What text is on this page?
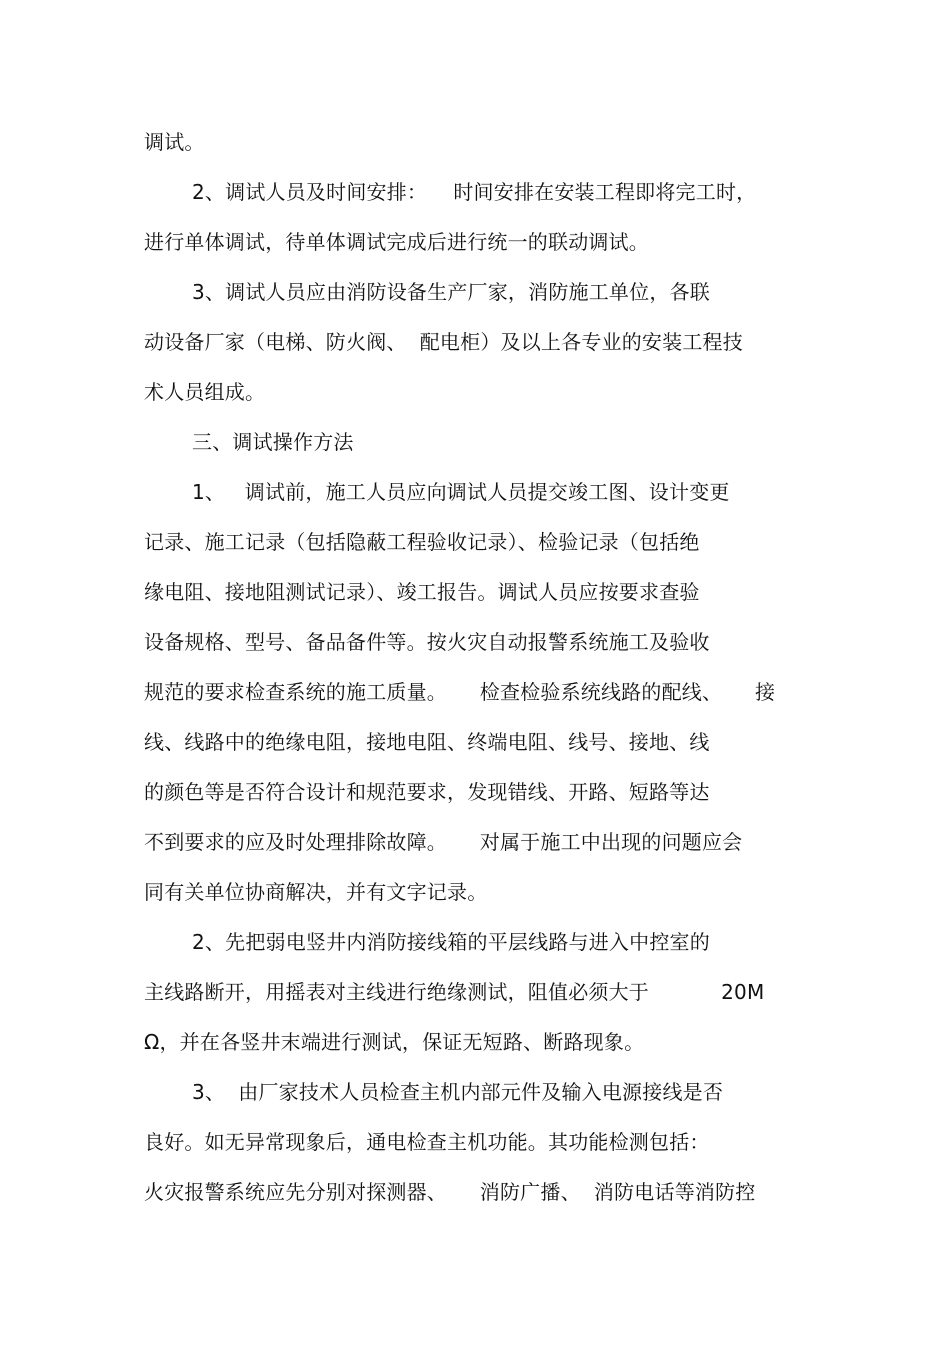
调试。
2、调试人员及时间安排：    时间安排在安装工程即将完工时，
进行单体调试，待单体调试完成后进行统一的联动调试。
3、调试人员应由消防设备生产厂家，消防施工单位，各联
动设备厂家（电梯、防火阀、  配电柜）及以上各专业的安装工程技
术人员组成。
三、调试操作方法
1、   调试前，施工人员应向调试人员提交竣工图、设计变更
记录、施工记录（包括隐蔽工程验收记录）、检验记录（包括绝
缘电阻、接地阻测试记录）、竣工报告。调试人员应按要求查验
设备规格、型号、备品备件等。按火灾自动报警系统施工及验收
规范的要求检查系统的施工质量。     检查检验系统线路的配线、     接
线、线路中的绝缘电阻，接地电阻、终端电阻、线号、接地、线
的颜色等是否符合设计和规范要求，发现错线、开路、短路等达
不到要求的应及时处理排除故障。     对属于施工中出现的问题应会
同有关单位协商解决，并有文字记录。
2、先把弱电竖井内消防接线箱的平层线路与进入中控室的
主线路断开，用摇表对主线进行绝缘测试，阻值必须大于           20M
Ω，并在各竖井末端进行测试，保证无短路、断路现象。
3、  由厂家技术人员检查主机内部元件及输入电源接线是否
良好。如无异常现象后，通电检查主机功能。其功能检测包括：
火灾报警系统应先分别对探测器、     消防广播、  消防电话等消防控
